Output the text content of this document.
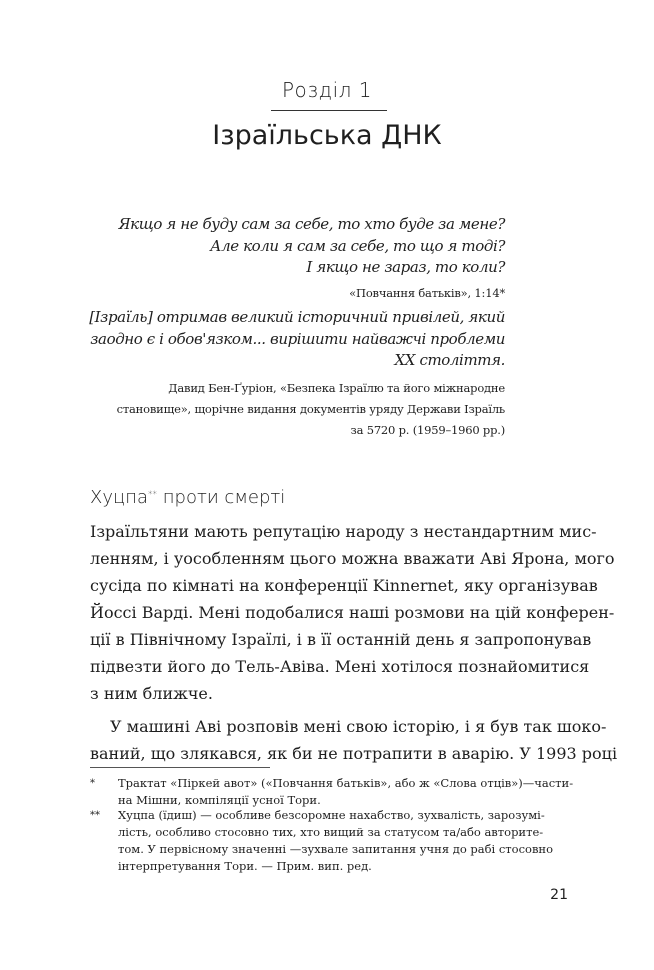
Розділ 1
Ізраїльська ДНК
Якщо я не буду сам за себе, то хто буде за мене?
Але коли я сам за себе, то що я тоді?
І якщо не зараз, то коли?
«Повчання батьків», 1:14*
[Ізраїль] отримав великий історичний привілей, який
заодно є і обов'язком... вирішити найважчі проблеми
ХХ століття.
Давид Бен-Ґуріон, «Безпека Ізраїлю та його міжнародне
становище», щорічне видання документів уряду Держави Ізраїль
за 5720 р. (1959–1960 рр.)
Хуцпа** проти смерті
Ізраїльтяни мають репутацію народу з нестандартним мис-
ленням, і уособленням цього можна вважати Аві Ярона, мого
сусіда по кімнаті на конференції Kinnernet, яку організував
Йоссі Варді. Мені подобалися наші розмови на цій конферен-
ції в Північному Ізраїлі, і в її останній день я запропонував
підвезти його до Тель-Авіва. Мені хотілося познайомитися
з ним ближче.
У машині Аві розповів мені свою історію, і я був так шоко-
ваний, що злякався, як би не потрапити в аварію. У 1993 році
* Трактат «Піркей авот» («Повчання батьків», або ж «Слова отців»)—части-
на Мішни, компіляції усної Тори.
** Хуцпа (їдиш) — особливе безсоромне нахабство, зухвалість, зарозумі-
лість, особливо стосовно тих, хто вищий за статусом та/або авторите-
том. У первісному значенні —зухвале запитання учня до рабі стосовно
інтерпретування Тори. — Прим. вип. ред.
21
